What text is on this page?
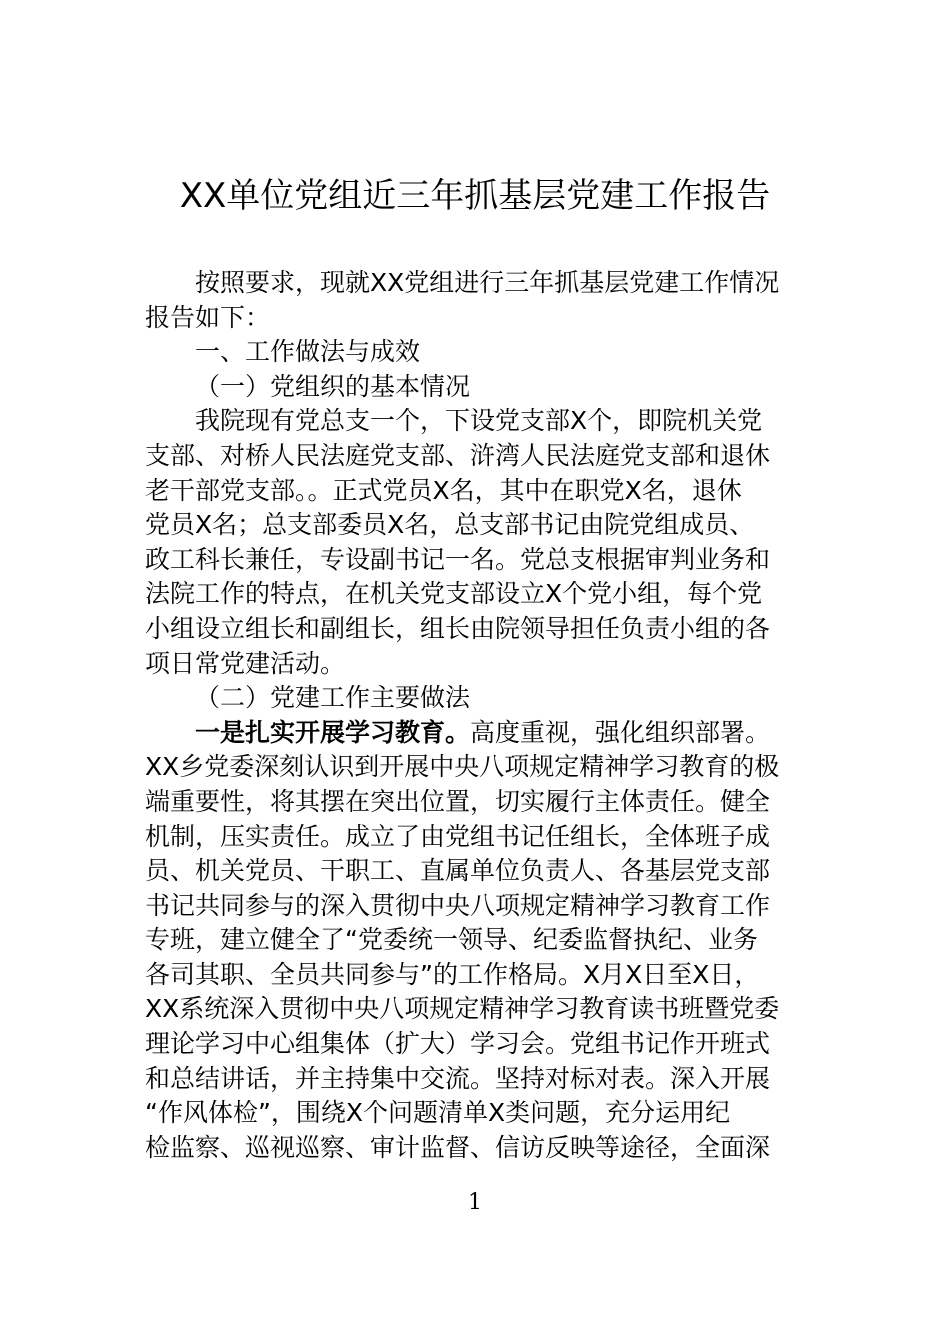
XX单位党组近三年抓基层党建工作报告
按照要求，现就XX党组进行三年抓基层党建工作情况
报告如下：
一、工作做法与成效
（一）党组织的基本情况
我院现有党总支一个，下设党支部X个，即院机关党
支部、对桥人民法庭党支部、浒湾人民法庭党支部和退休
老干部党支部。。正式党员X名，其中在职党X名，退休
党员X名；总支部委员X名，总支部书记由院党组成员、
政工科长兼任，专设副书记一名。党总支根据审判业务和
法院工作的特点，在机关党支部设立X个党小组，每个党
小组设立组长和副组长，组长由院领导担任负责小组的各
项日常党建活动。
（二）党建工作主要做法
一是扎实开展学习教育。高度重视，强化组织部署。
XX乡党委深刻认识到开展中央八项规定精神学习教育的极
端重要性，将其摆在突出位置，切实履行主体责任。健全
机制，压实责任。成立了由党组书记任组长，全体班子成
员、机关党员、干职工、直属单位负责人、各基层党支部
书记共同参与的深入贯彻中央八项规定精神学习教育工作
专班，建立健全了“党委统一领导、纪委监督执纪、业务
各司其职、全员共同参与”的工作格局。X月X日至X日，
XX系统深入贯彻中央八项规定精神学习教育读书班暨党委
理论学习中心组集体（扩大）学习会。党组书记作开班式
和总结讲话，并主持集中交流。坚持对标对表。深入开展
“作风体检”，围绕X个问题清单X类问题，充分运用纪
检监察、巡视巡察、审计监督、信访反映等途径，全面深
1
